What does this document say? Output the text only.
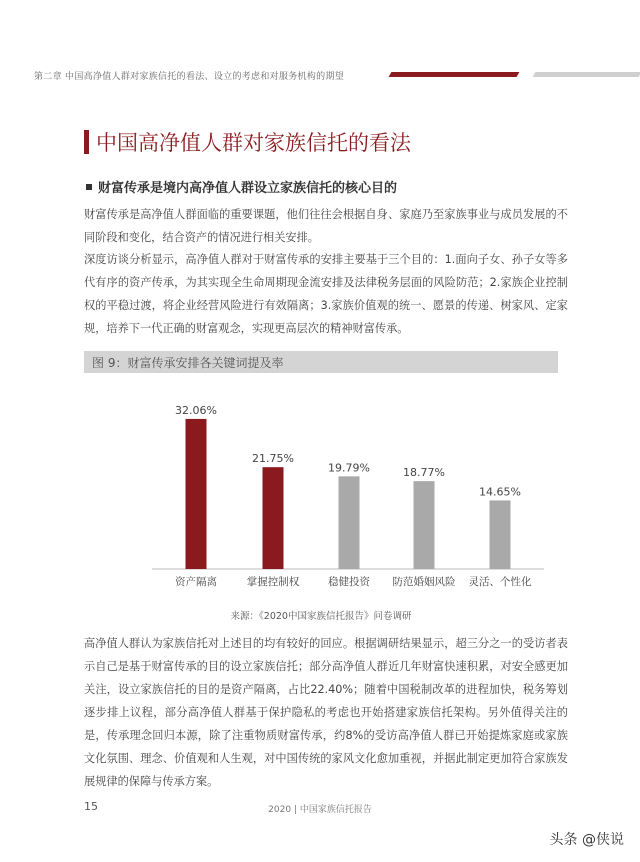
第二章 中国高净值人群对家族信托的看法、设立的考虑和对服务机构的期望
中国高净值人群对家族信托的看法
财富传承是境内高净值人群设立家族信托的核心目的
财富传承是高净值人群面临的重要课题，他们往往会根据自身、家庭乃至家族事业与成员发展的不同阶段和变化，结合资产的情况进行相关安排。
深度访谈分析显示，高净值人群对于财富传承的安排主要基于三个目的：1.面向子女、孙子女等多代有序的资产传承，为其实现全生命周期现金流安排及法律税务层面的风险防范；2.家族企业控制权的平稳过渡，将企业经营风险进行有效隔离；3.家族价值观的统一、愿景的传递、树家风、定家规，培养下一代正确的财富观念，实现更高层次的精神财富传承。
图 9：财富传承安排各关键词提及率
32.06%
资产隔离
21.75%
掌握控制权
19.79%
稳健投资
18.77%
防范婚姻风险
14.65%
灵活、个性化
来源：《2020中国家族信托报告》问卷调研
高净值人群认为家族信托对上述目的均有较好的回应。根据调研结果显示，超三分之一的受访者表示自己是基于财富传承的目的设立家族信托；部分高净值人群近几年财富快速积累，对安全感更加关注，设立家族信托的目的是资产隔离，占比22.40%；随着中国税制改革的进程加快，税务筹划逐步排上议程，部分高净值人群基于保护隐私的考虑也开始搭建家族信托架构。另外值得关注的是，传承理念回归本源，除了注重物质财富传承，约8%的受访高净值人群已开始提炼家庭或家族文化氛围、理念、价值观和人生观，对中国传统的家风文化愈加重视，并据此制定更加符合家族发展规律的保障与传承方案。
15	2020 | 中国家族信托报告
头条 @侠说
